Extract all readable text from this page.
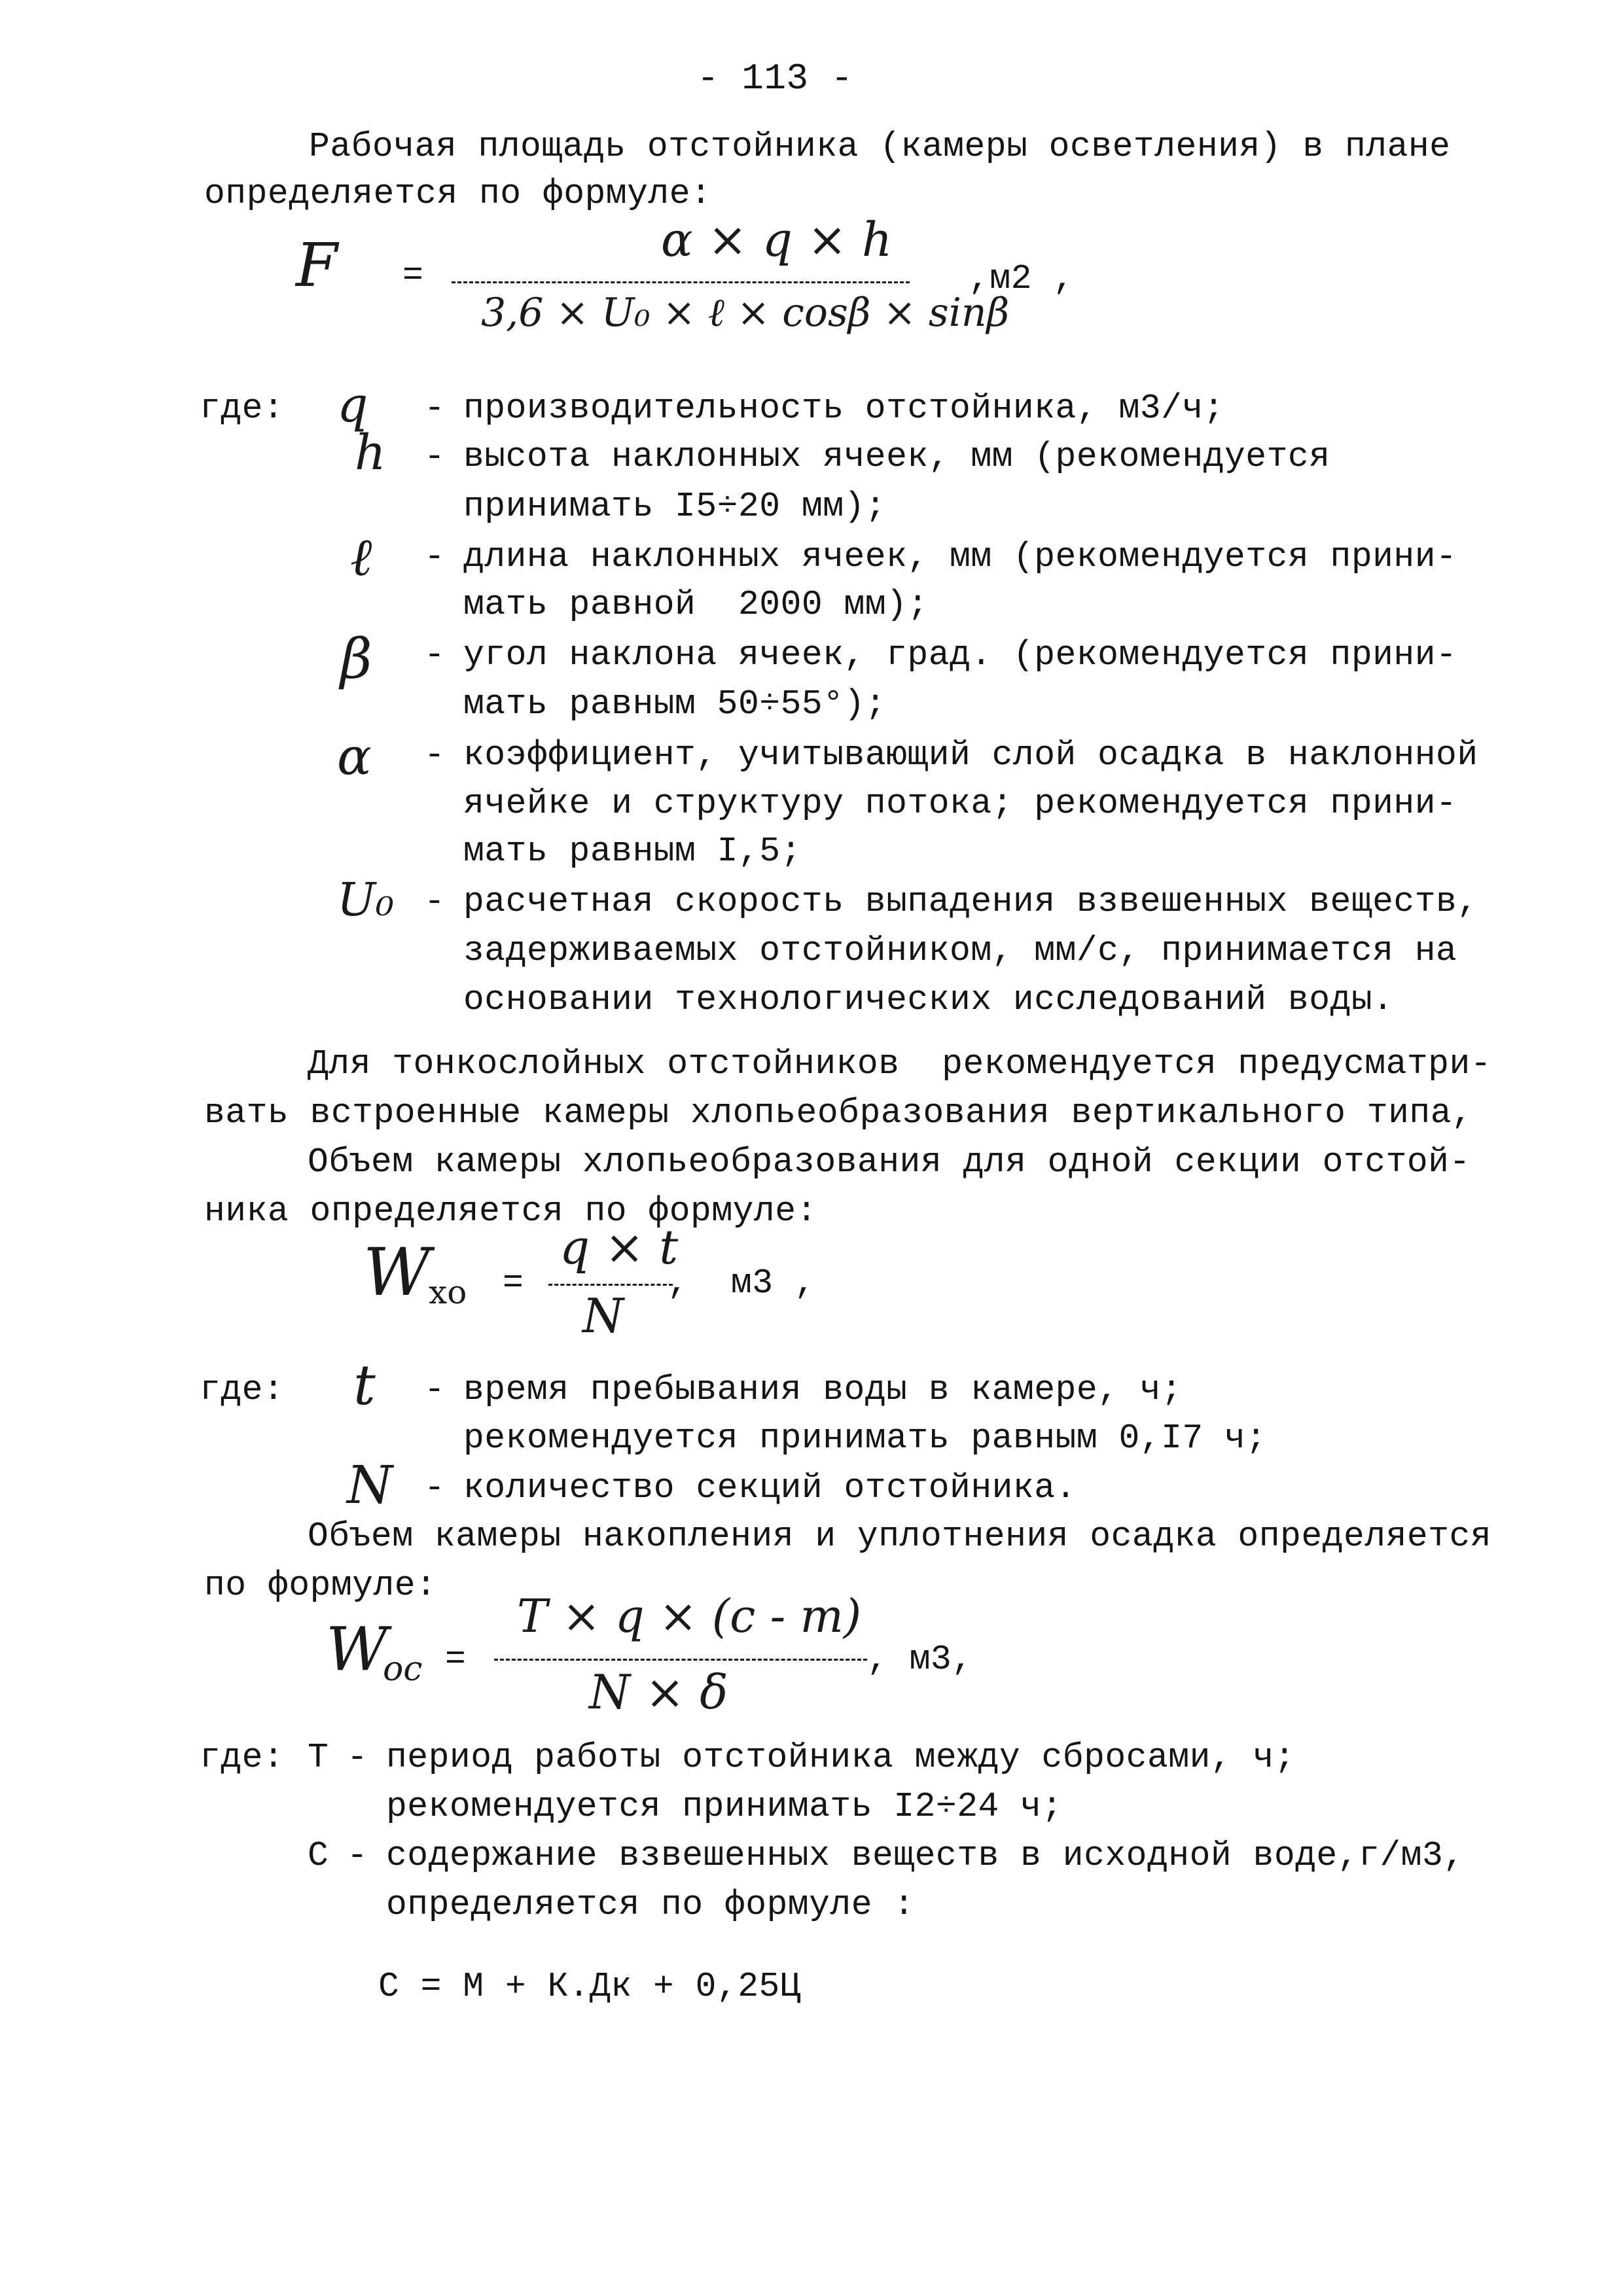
- 113 -
Рабочая площадь отстойника (камеры осветления) в плане
определяется по формуле:
F =
α × q × h
3,6 × U₀ × ℓ × cosβ × sinβ
,м2 ,
где: q - производительность отстойника, м3/ч;
h - высота наклонных ячеек, мм (рекомендуется
принимать I5÷20 мм);
ℓ - длина наклонных ячеек, мм (рекомендуется прини-
мать равной  2000 мм);
β - угол наклона ячеек, град. (рекомендуется прини-
мать равным 50÷55°);
α - коэффициент, учитывающий слой осадка в наклонной
ячейке и структуру потока; рекомендуется прини-
мать равным I,5;
U₀ - расчетная скорость выпадения взвешенных веществ,
задерживаемых отстойником, мм/с, принимается на
основании технологических исследований воды.
Для тонкослойных отстойников  рекомендуется предусматри-
вать встроенные камеры хлопьеобразования вертикального типа,
Объем камеры хлопьеобразования для одной секции отстой-
ника определяется по формуле:
W
хо =
q × t
N
,  м3 ,
где: t - время пребывания воды в камере, ч;
рекомендуется принимать равным 0,I7 ч;
N - количество секций отстойника.
Объем камеры накопления и уплотнения осадка определяется
по формуле:
W
ос =
T × q × (c - m)
N × δ
, м3,
где: Т - период работы отстойника между сбросами, ч;
рекомендуется принимать I2÷24 ч;
С - содержание взвешенных веществ в исходной воде,г/м3,
определяется по формуле :
С = М + К.Дк + 0,25Ц
